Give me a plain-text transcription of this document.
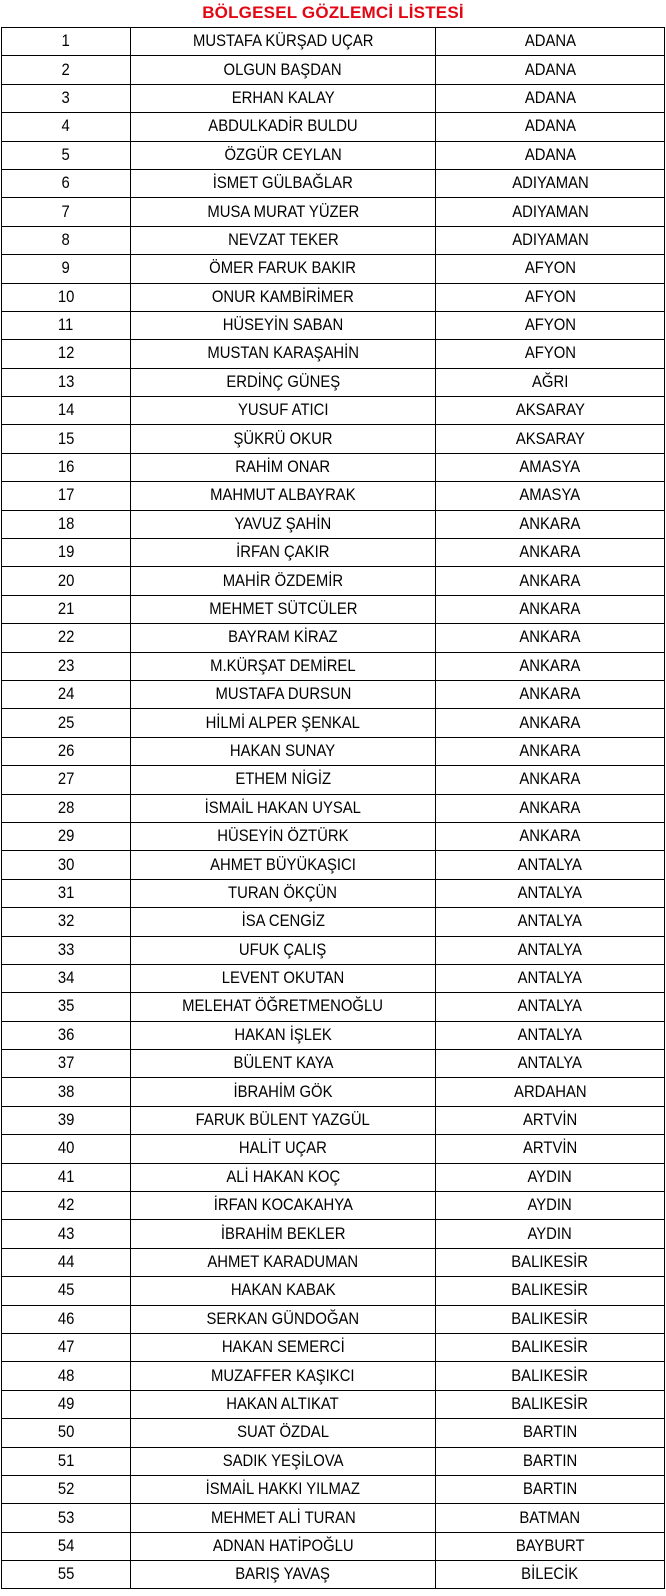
BÖLGESEL GÖZLEMCİ LİSTESİ
1	MUSTAFA KÜRŞAD UÇAR	ADANA
2	OLGUN BAŞDAN	ADANA
3	ERHAN KALAY	ADANA
4	ABDULKADİR BULDU	ADANA
5	ÖZGÜR CEYLAN	ADANA
6	İSMET GÜLBAĞLAR	ADIYAMAN
7	MUSA MURAT YÜZER	ADIYAMAN
8	NEVZAT TEKER	ADIYAMAN
9	ÖMER FARUK BAKIR	AFYON
10	ONUR KAMBİRİMER	AFYON
11	HÜSEYİN SABAN	AFYON
12	MUSTAN KARAŞAHİN	AFYON
13	ERDİNÇ GÜNEŞ	AĞRI
14	YUSUF ATICI	AKSARAY
15	ŞÜKRÜ OKUR	AKSARAY
16	RAHİM ONAR	AMASYA
17	MAHMUT ALBAYRAK	AMASYA
18	YAVUZ ŞAHİN	ANKARA
19	İRFAN ÇAKIR	ANKARA
20	MAHİR ÖZDEMİR	ANKARA
21	MEHMET SÜTCÜLER	ANKARA
22	BAYRAM KİRAZ	ANKARA
23	M.KÜRŞAT DEMİREL	ANKARA
24	MUSTAFA DURSUN	ANKARA
25	HİLMİ ALPER ŞENKAL	ANKARA
26	HAKAN SUNAY	ANKARA
27	ETHEM NİGİZ	ANKARA
28	İSMAİL HAKAN UYSAL	ANKARA
29	HÜSEYİN ÖZTÜRK	ANKARA
30	AHMET BÜYÜKAŞICI	ANTALYA
31	TURAN ÖKÇÜN	ANTALYA
32	İSA CENGİZ	ANTALYA
33	UFUK ÇALIŞ	ANTALYA
34	LEVENT OKUTAN	ANTALYA
35	MELEHAT ÖĞRETMENOĞLU	ANTALYA
36	HAKAN İŞLEK	ANTALYA
37	BÜLENT KAYA	ANTALYA
38	İBRAHİM GÖK	ARDAHAN
39	FARUK BÜLENT YAZGÜL	ARTVİN
40	HALİT UÇAR	ARTVİN
41	ALİ HAKAN KOÇ	AYDIN
42	İRFAN KOCAKAHYA	AYDIN
43	İBRAHİM BEKLER	AYDIN
44	AHMET KARADUMAN	BALIKESİR
45	HAKAN KABAK	BALIKESİR
46	SERKAN GÜNDOĞAN	BALIKESİR
47	HAKAN SEMERCİ	BALIKESİR
48	MUZAFFER KAŞIKCI	BALIKESİR
49	HAKAN ALTIKAT	BALIKESİR
50	SUAT ÖZDAL	BARTIN
51	SADIK YEŞİLOVA	BARTIN
52	İSMAİL HAKKI YILMAZ	BARTIN
53	MEHMET ALİ TURAN	BATMAN
54	ADNAN HATİPOĞLU	BAYBURT
55	BARIŞ YAVAŞ	BİLECİK
